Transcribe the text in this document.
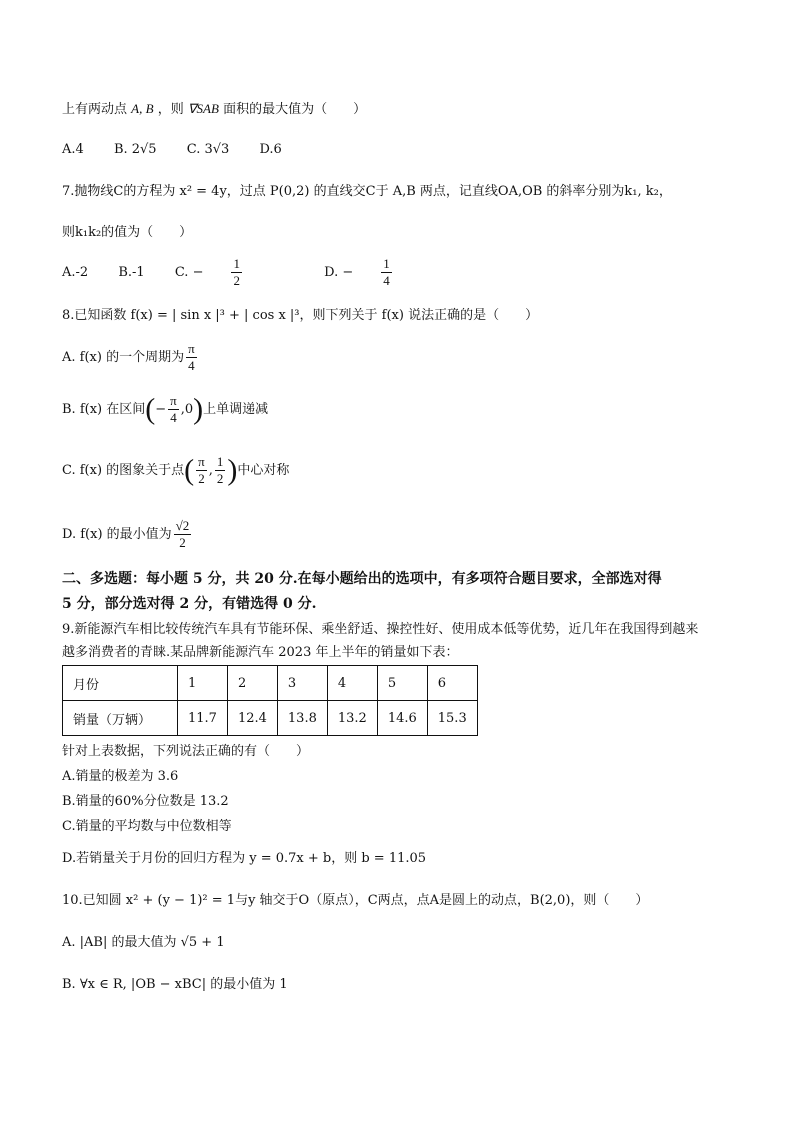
上有两动点 A, B ，则 ∇SAB 面积的最大值为（　　）
A.4 B. 2√5 C. 3√3 D.6
7.抛物线C的方程为 x² = 4y，过点 P(0,2) 的直线交C于 A,B 两点，记直线OA,OB 的斜率分别为k₁, k₂，
则k₁k₂的值为（　　）
A.-2 B.-1 C. − $\frac{1}{2}$	D. − $\frac{1}{4}$
8.已知函数 f(x) = | sin x |³ + | cos x |³，则下列关于 f(x) 说法正确的是（　　）
A. f(x) 的一个周期为 $\frac{\pi}{4}$
B. f(x) 在区间(− $\frac{\pi}{4} ,0$)上单调递减
C. f(x) 的图象关于点( $\frac{\pi}{2}$ , $\frac{1}{2}$ )中心对称
D. f(x) 的最小值为 $\frac{√2}{2}$
二、多选题：每小题 5 分，共 20 分.在每小题给出的选项中，有多项符合题目要求，全部选对得
5 分，部分选对得 2 分，有错选得 0 分.
9.新能源汽车相比较传统汽车具有节能环保、乘坐舒适、操控性好、使用成本低等优势，近几年在我国得到越来
越多消费者的青睐.某品牌新能源汽车 2023 年上半年的销量如下表：
月份	1	2	3	4	5	6
销量（万辆）	11.7	12.4	13.8	13.2	14.6	15.3
针对上表数据，下列说法正确的有（　　）
A.销量的极差为 3.6
B.销量的60%分位数是 13.2
C.销量的平均数与中位数相等
D.若销量关于月份的回归方程为 y = 0.7x + b，则 b = 11.05
10.已知圆 x² + (y − 1)² = 1与y 轴交于O（原点），C两点，点A是圆上的动点，B(2,0)，则（　　）
A. |AB| 的最大值为 √5 + 1
B. ∀x ∈ R, |OB − xBC| 的最小值为 1
